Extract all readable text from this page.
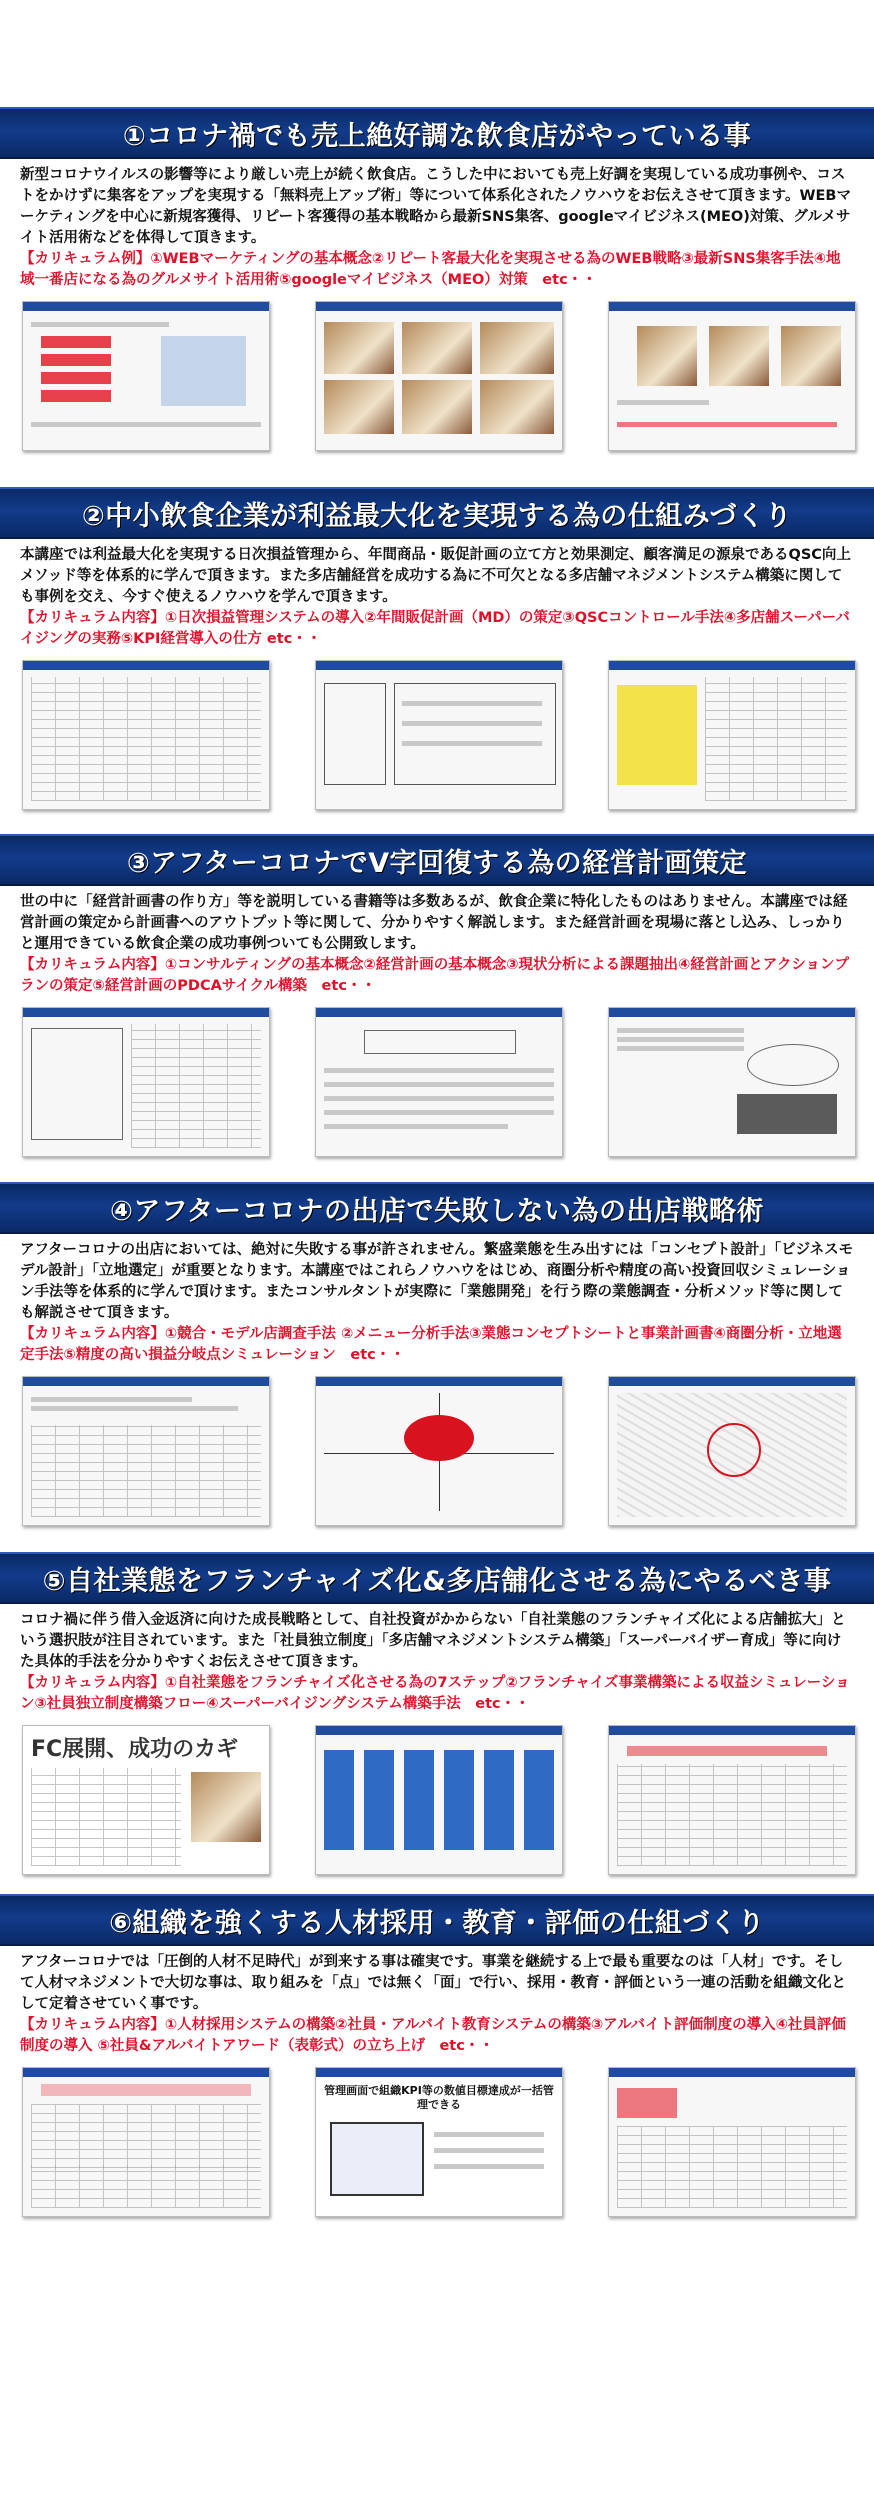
①コロナ禍でも売上絶好調な飲食店がやっている事

新型コロナウイルスの影響等により厳しい売上が続く飲食店。こうした中においても売上好調を実現している成功事例や、コストをかけずに集客をアップを実現する「無料売上アップ術」等について体系化されたノウハウをお伝えさせて頂きます。WEBマーケティングを中心に新規客獲得、リピート客獲得の基本戦略から最新SNS集客、googleマイビジネス(MEO)対策、グルメサイト活用術などを体得して頂きます。

【カリキュラム例】①WEBマーケティングの基本概念②リピート客最大化を実現させる為のWEB戦略③最新SNS集客手法④地域一番店になる為のグルメサイト活用術⑤googleマイビジネス（MEO）対策　etc・・

②中小飲食企業が利益最大化を実現する為の仕組みづくり

本講座では利益最大化を実現する日次損益管理から、年間商品・販促計画の立て方と効果測定、顧客満足の源泉であるQSC向上メソッド等を体系的に学んで頂きます。また多店舗経営を成功する為に不可欠となる多店舗マネジメントシステム構築に関しても事例を交え、今すぐ使えるノウハウを学んで頂きます。

【カリキュラム内容】①日次損益管理システムの導入②年間販促計画（MD）の策定③QSCコントロール手法④多店舗スーパーバイジングの実務⑤KPI経営導入の仕方 etc・・

③アフターコロナでV字回復する為の経営計画策定

世の中に「経営計画書の作り方」等を説明している書籍等は多数あるが、飲食企業に特化したものはありません。本講座では経営計画の策定から計画書へのアウトプット等に関して、分かりやすく解説します。また経営計画を現場に落とし込み、しっかりと運用できている飲食企業の成功事例ついても公開致します。

【カリキュラム内容】①コンサルティングの基本概念②経営計画の基本概念③現状分析による課題抽出④経営計画とアクションプランの策定⑤経営計画のPDCAサイクル構築　etc・・

④アフターコロナの出店で失敗しない為の出店戦略術

アフターコロナの出店においては、絶対に失敗する事が許されません。繁盛業態を生み出すには「コンセプト設計」「ビジネスモデル設計」「立地選定」が重要となります。本講座ではこれらノウハウをはじめ、商圏分析や精度の高い投資回収シミュレーション手法等を体系的に学んで頂けます。またコンサルタントが実際に「業態開発」を行う際の業態調査・分析メソッド等に関しても解説させて頂きます。

【カリキュラム内容】①競合・モデル店調査手法 ②メニュー分析手法③業態コンセプトシートと事業計画書④商圏分析・立地選定手法⑤精度の高い損益分岐点シミュレーション　etc・・

⑤自社業態をフランチャイズ化&多店舗化させる為にやるべき事

コロナ禍に伴う借入金返済に向けた成長戦略として、自社投資がかからない「自社業態のフランチャイズ化による店舗拡大」という選択肢が注目されています。また「社員独立制度」「多店舗マネジメントシステム構築」「スーパーバイザー育成」等に向けた具体的手法を分かりやすくお伝えさせて頂きます。

【カリキュラム内容】①自社業態をフランチャイズ化させる為の7ステップ②フランチャイズ事業構築による収益シミュレーション③社員独立制度構築フロー④スーパーバイジングシステム構築手法　etc・・

FC展開、成功のカギ
⑥組織を強くする人材採用・教育・評価の仕組づくり

アフターコロナでは「圧倒的人材不足時代」が到来する事は確実です。事業を継続する上で最も重要なのは「人材」です。そして人材マネジメントで大切な事は、取り組みを「点」では無く「面」で行い、採用・教育・評価という一連の活動を組織文化として定着させていく事です。

【カリキュラム内容】①人材採用システムの構築②社員・アルバイト教育システムの構築③アルバイト評価制度の導入④社員評価制度の導入 ⑤社員&アルバイトアワード（表彰式）の立ち上げ　etc・・

管理画面で組織KPI等の数値目標達成が一括管理できる
